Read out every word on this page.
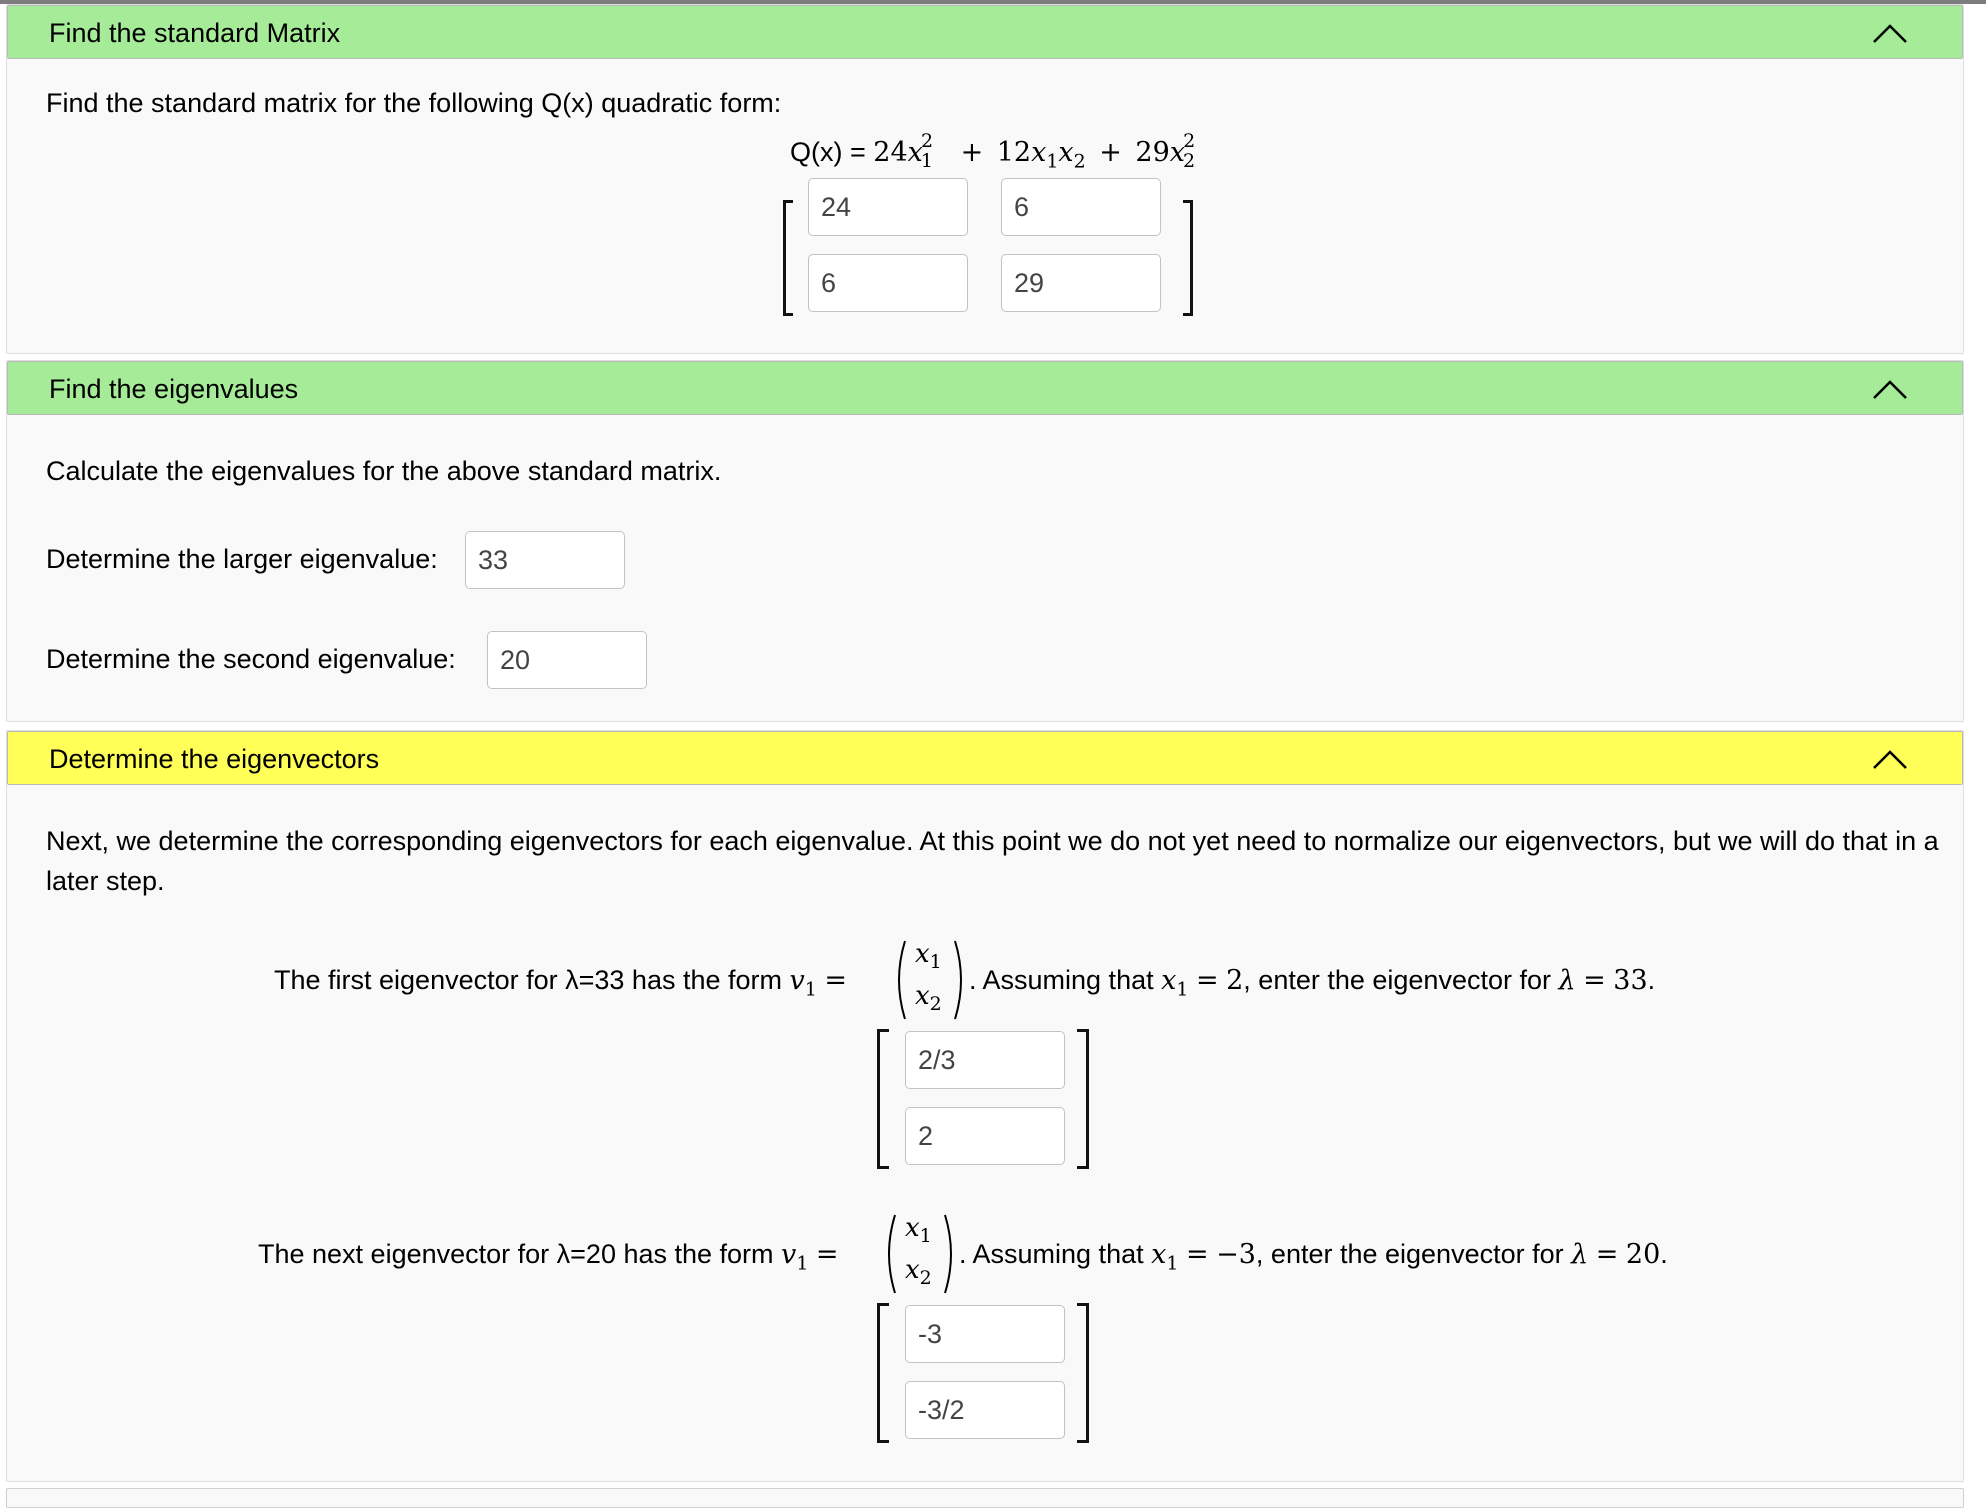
Find the standard Matrix
Find the standard matrix for the following Q(x) quadratic form:
$Q(x) = 24x_1^2 + 12x_1x_2 + 29x_2^2$
24
6
6
29
Find the eigenvalues
Calculate the eigenvalues for the above standard matrix.
Determine the larger eigenvalue:
33
Determine the second eigenvalue:
20
Determine the eigenvectors
Next, we determine the corresponding eigenvectors for each eigenvalue. At this point we do not yet need to normalize our eigenvectors, but we will do that in a later step.
The first eigenvector for λ=33 has the form $v_1$ =
$x_1$
$x_2$
. Assuming that $x_1 = 2$, enter the eigenvector for λ = 33.
2/3
2
The next eigenvector for λ=20 has the form $v_1$ =
$x_1$
$x_2$
. Assuming that $x_1 = -3$, enter the eigenvector for λ = 20.
-3
-3/2
